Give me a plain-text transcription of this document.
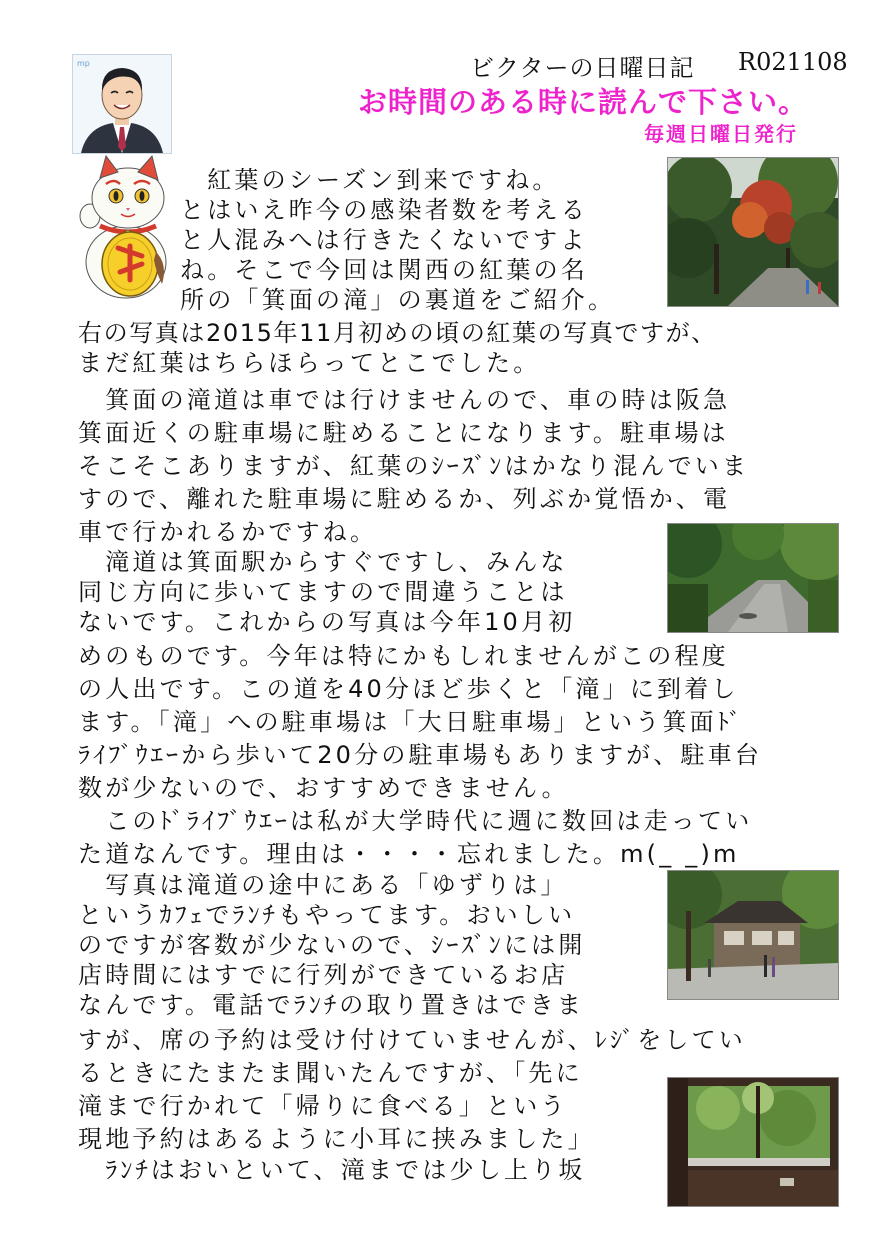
ビクターの日曜日記 R021108
お時間のある時に読んで下さい。
毎週日曜日発行
mp
　紅葉のシーズン到来ですね。
とはいえ昨今の感染者数を考える
と人混みへは行きたくないですよ
ね。そこで今回は関西の紅葉の名
所の「箕面の滝」の裏道をご紹介。
右の写真は2015年11月初めの頃の紅葉の写真ですが、
まだ紅葉はちらほらってとこでした。
　箕面の滝道は車では行けませんので、車の時は阪急
箕面近くの駐車場に駐めることになります。駐車場は
そこそこありますが、紅葉のｼｰｽﾞﾝはかなり混んでいま
すので、離れた駐車場に駐めるか、列ぶか覚悟か、電
車で行かれるかですね。
　滝道は箕面駅からすぐですし、みんな
同じ方向に歩いてますので間違うことは
ないです。これからの写真は今年10月初
めのものです。今年は特にかもしれませんがこの程度
の人出です。この道を40分ほど歩くと「滝」に到着し
ます。「滝」への駐車場は「大日駐車場」という箕面ﾄﾞ
ﾗｲﾌﾞｳｴｰから歩いて20分の駐車場もありますが、駐車台
数が少ないので、おすすめできません。
　このﾄﾞﾗｲﾌﾞｳｴｰは私が大学時代に週に数回は走ってい
た道なんです。理由は・・・・忘れました。m(_ _)m
　写真は滝道の途中にある「ゆずりは」
というｶﾌｪでﾗﾝﾁもやってます。おいしい
のですが客数が少ないので、ｼｰｽﾞﾝには開
店時間にはすでに行列ができているお店
なんです。電話でﾗﾝﾁの取り置きはできま
すが、席の予約は受け付けていませんが、ﾚｼﾞをしてい
るときにたまたま聞いたんですが、「先に
滝まで行かれて「帰りに食べる」という
現地予約はあるように小耳に挟みました」
　ﾗﾝﾁはおいといて、滝までは少し上り坂
